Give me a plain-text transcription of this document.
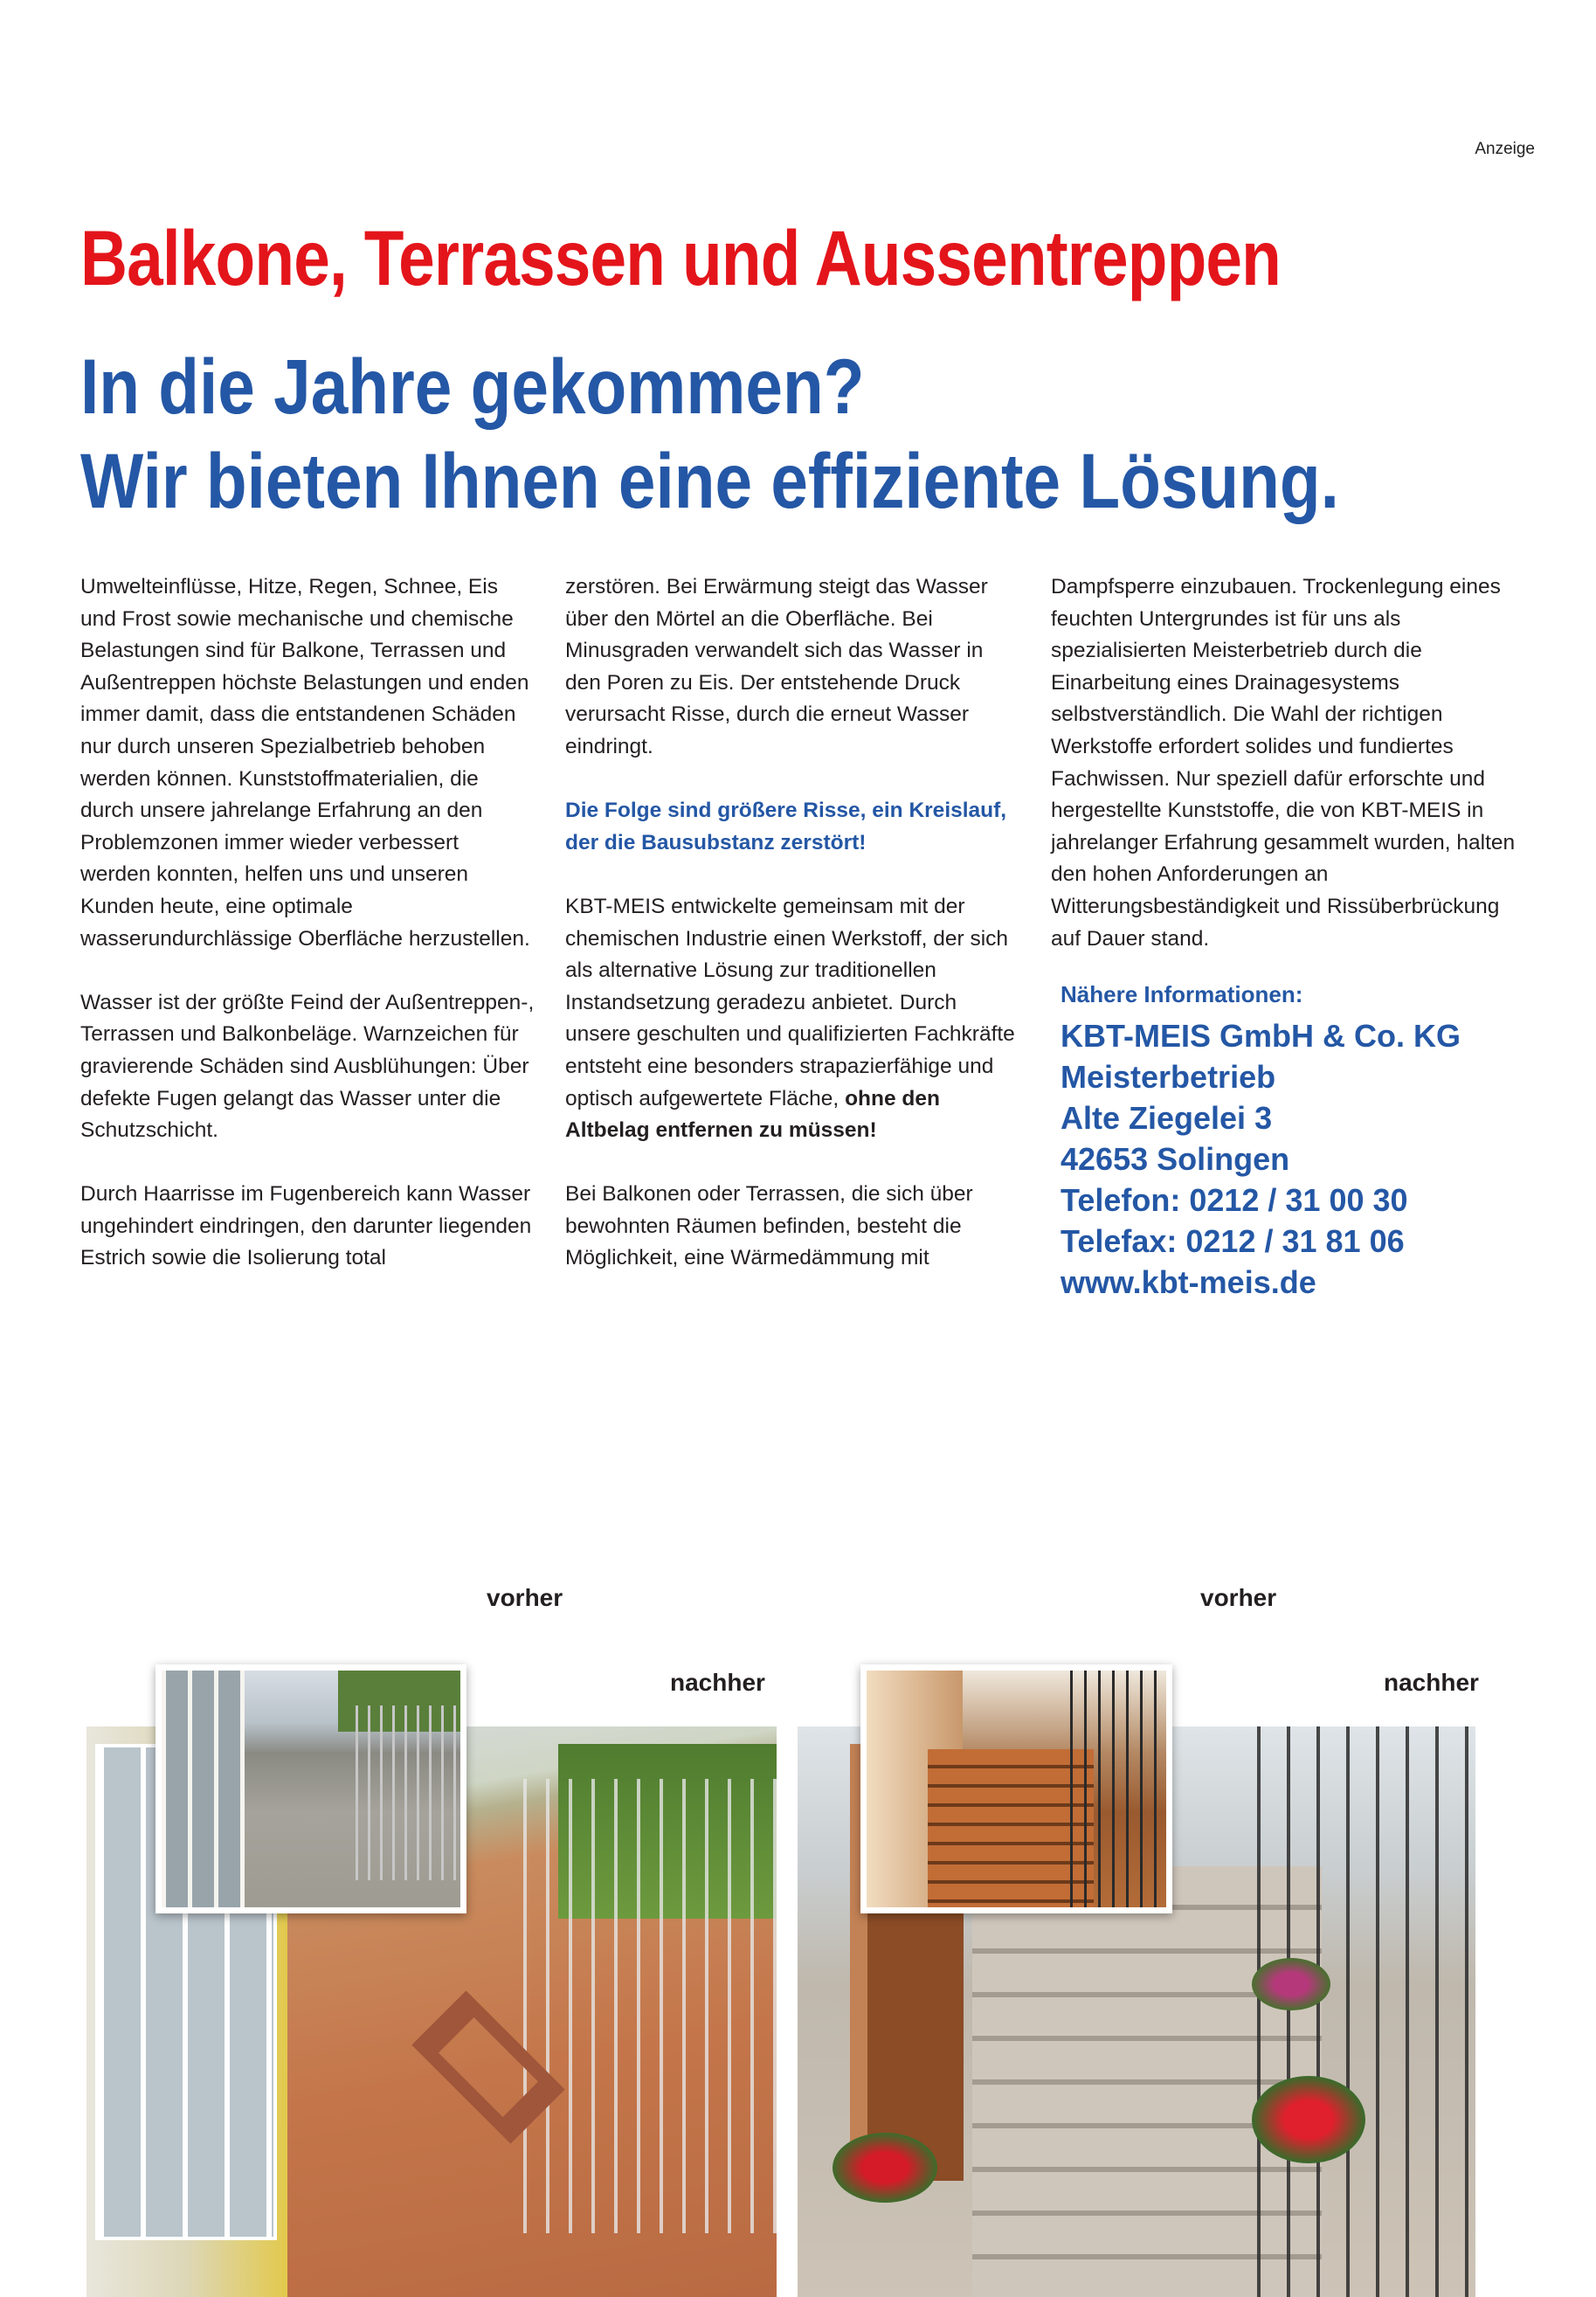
Anzeige
Balkone, Terrassen und Aussentreppen
In die Jahre gekommen?
Wir bieten Ihnen eine effiziente Lösung.

Umwelteinflüsse, Hitze, Regen, Schnee, Eis und Frost sowie mechanische und chemische Belastungen sind für Balkone, Terrassen und Außentreppen höchste Belastungen und enden immer damit, dass die entstandenen Schäden nur durch unseren Spezialbetrieb behoben werden können. Kunststoffmaterialien, die durch unsere jahrelange Erfahrung an den Problemzonen immer wieder verbessert werden konnten, helfen uns und unseren Kunden heute, eine optimale wasserundurchlässige Oberfläche herzustellen.

Wasser ist der größte Feind der Außentreppen-, Terrassen und Balkonbeläge. Warnzeichen für gravierende Schäden sind Ausblühungen: Über defekte Fugen gelangt das Wasser unter die Schutzschicht.

Durch Haarrisse im Fugenbereich kann Wasser ungehindert eindringen, den darunter liegenden Estrich sowie die Isolierung total

zerstören. Bei Erwärmung steigt das Wasser über den Mörtel an die Oberfläche. Bei Minusgraden verwandelt sich das Wasser in den Poren zu Eis. Der entstehende Druck verursacht Risse, durch die erneut Wasser eindringt.

Die Folge sind größere Risse, ein Kreislauf, der die Bausubstanz zerstört!

KBT-MEIS entwickelte gemeinsam mit der chemischen Industrie einen Werkstoff, der sich als alternative Lösung zur traditionellen Instandsetzung geradezu anbietet. Durch unsere geschulten und qualifizierten Fachkräfte entsteht eine besonders strapazierfähige und optisch aufgewertete Fläche, ohne den Altbelag entfernen zu müssen!

Bei Balkonen oder Terrassen, die sich über bewohnten Räumen befinden, besteht die Möglichkeit, eine Wärmedämmung mit

Dampfsperre einzubauen. Trockenlegung eines feuchten Untergrundes ist für uns als spezialisierten Meisterbetrieb durch die Einarbeitung eines Drainagesystems selbstverständlich. Die Wahl der richtigen Werkstoffe erfordert solides und fundiertes Fachwissen. Nur speziell dafür erforschte und hergestellte Kunststoffe, die von KBT-MEIS in jahrelanger Erfahrung gesammelt wurden, halten den hohen Anforderungen an Witterungsbeständigkeit und Rissüberbrückung auf Dauer stand.

Nähere Informationen:
KBT-MEIS GmbH & Co. KG
Meisterbetrieb
Alte Ziegelei 3
42653 Solingen
Telefon: 0212 / 31 00 30
Telefax: 0212 / 31 81 06
www.kbt-meis.de
vorher
nachher
vorher
nachher
